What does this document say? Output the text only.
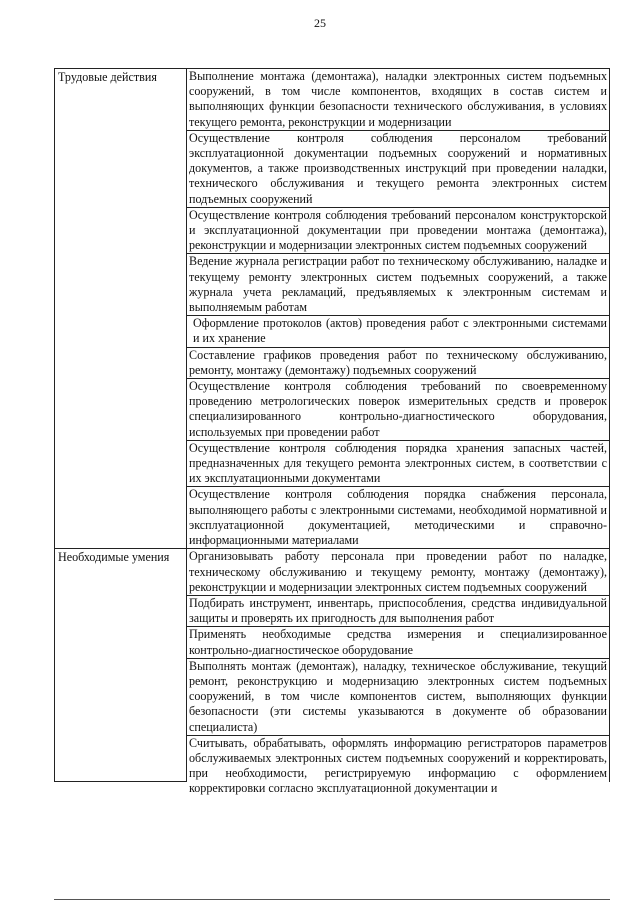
25
Трудовые действия	Выполнение монтажа (демонтажа), наладки электронных систем подъемных сооружений, в том числе компонентов, входящих в состав систем и выполняющих функции безопасности технического обслуживания, в условиях текущего ремонта, реконструкции и модернизации
	Осуществление контроля соблюдения персоналом требований эксплуатационной документации подъемных сооружений и нормативных документов, а также производственных инструкций при проведении наладки, технического обслуживания и текущего ремонта электронных систем подъемных сооружений
	Осуществление контроля соблюдения требований персоналом конструкторской и эксплуатационной документации при проведении монтажа (демонтажа), реконструкции и модернизации электронных систем подъемных сооружений
	Ведение журнала регистрации работ по техническому обслуживанию, наладке и текущему ремонту электронных систем подъемных сооружений, а также журнала учета рекламаций, предъявляемых к электронным системам и выполняемым работам
	Оформление протоколов (актов) проведения работ с электронными системами и их хранение
	Составление графиков проведения работ по техническому обслуживанию, ремонту, монтажу (демонтажу) подъемных сооружений
	Осуществление контроля соблюдения требований по своевременному проведению метрологических поверок измерительных средств и проверок специализированного контрольно-диагностического оборудования, используемых при проведении работ
	Осуществление контроля соблюдения порядка хранения запасных частей, предназначенных для текущего ремонта электронных систем, в соответствии с их эксплуатационными документами
	Осуществление контроля соблюдения порядка снабжения персонала, выполняющего работы с электронными системами, необходимой нормативной и эксплуатационной документацией, методическими и справочно-информационными материалами
Необходимые умения	Организовывать работу персонала при проведении работ по наладке, техническому обслуживанию и текущему ремонту, монтажу (демонтажу), реконструкции и модернизации электронных систем подъемных сооружений
	Подбирать инструмент, инвентарь, приспособления, средства индивидуальной защиты и проверять их пригодность для выполнения работ
	Применять необходимые средства измерения и специализированное контрольно-диагностическое оборудование
	Выполнять монтаж (демонтаж), наладку, техническое обслуживание, текущий ремонт, реконструкцию и модернизацию электронных систем подъемных сооружений, в том числе компонентов систем, выполняющих функции безопасности (эти системы указываются в документе об образовании специалиста)

	Считывать, обрабатывать, оформлять информацию регистраторов параметров обслуживаемых электронных систем подъемных сооружений и корректировать, при необходимости, регистрируемую информацию с оформлением корректировки согласно эксплуатационной документации и
